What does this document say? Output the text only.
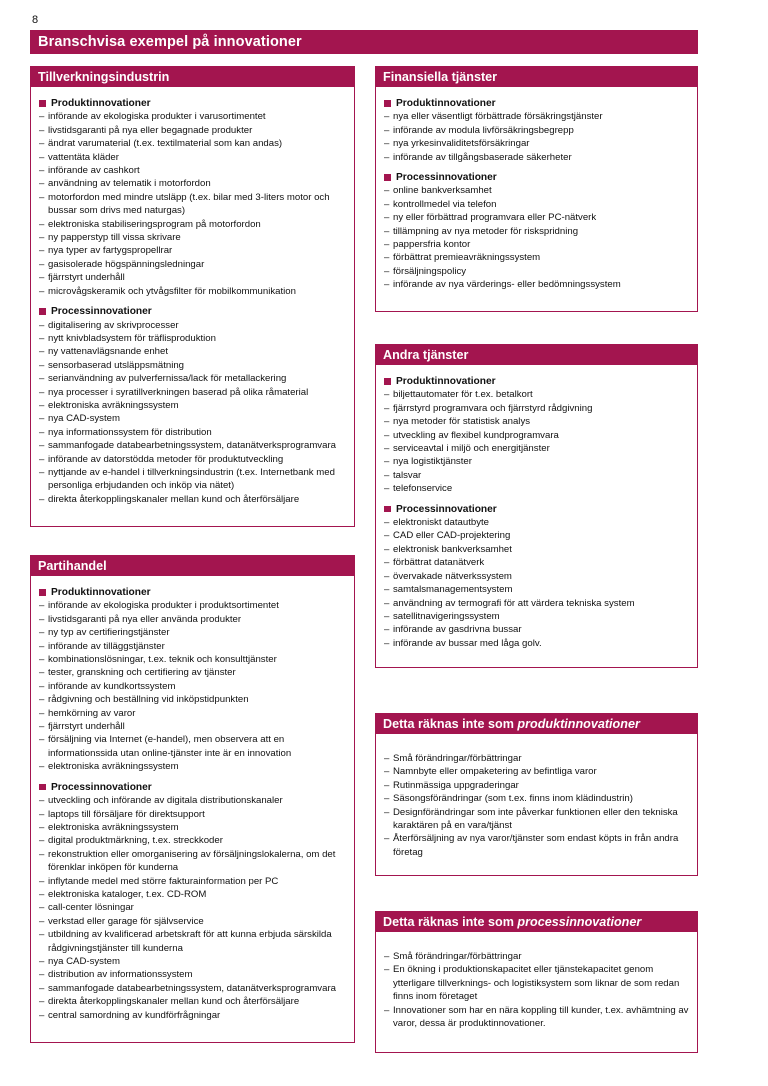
8
Branschvisa exempel på innovationer
Tillverkningsindustrin
Produktinnovationer
– införande av ekologiska produkter i varusortimentet
– livstidsgaranti på nya eller begagnade produkter
– ändrat varumaterial (t.ex. textilmaterial som kan andas)
– vattentäta kläder
– införande av cashkort
– användning av telematik i motorfordon
– motorfordon med mindre utsläpp (t.ex. bilar med 3-liters motor och bussar som drivs med naturgas)
– elektroniska stabiliseringsprogram på motorfordon
– ny papperstyp till vissa skrivare
– nya typer av fartygspropellrar
– gasisolerade högspänningsledningar
– fjärrstyrt underhåll
– microvågskeramik och ytvågsfilter för mobilkommunikation
Processinnovationer
– digitalisering av skrivprocesser
– nytt knivbladsystem för träflisproduktion
– ny vattenavlägsnande enhet
– sensorbaserad utsläppsmätning
– serianvändning av pulverfernissa/lack för metallackering
– nya processer i syratillverkningen baserad på olika råmaterial
– elektroniska avräkningssystem
– nya CAD-system
– nya informationssystem för distribution
– sammanfogade databearbetningssystem, datanätverksprogramvara
– införande av datorstödda metoder för produktutveckling
– nyttjande av e-handel i tillverkningsindustrin (t.ex. Internetbank med personliga erbjudanden och inköp via nätet)
– direkta återkopplingskanaler mellan kund och återförsäljare
Partihandel
Produktinnovationer
– införande av ekologiska produkter i produktsortimentet
– livstidsgaranti på nya eller använda produkter
– ny typ av certifieringstjänster
– införande av tilläggstjänster
– kombinationslösningar, t.ex. teknik och konsulttjänster
– tester, granskning och certifiering av tjänster
– införande av kundkortssystem
– rådgivning och beställning vid inköpstidpunkten
– hemkörning av varor
– fjärrstyrt underhåll
– försäljning via Internet (e-handel), men observera att en informationssida utan online-tjänster inte är en innovation
– elektroniska avräkningssystem
Processinnovationer
– utveckling och införande av digitala distributionskanaler
– laptops till försäljare för direktsupport
– elektroniska avräkningssystem
– digital produktmärkning, t.ex. streckkoder
– rekonstruktion eller omorganisering av försäljningslokalerna, om det förenklar inköpen för kunderna
– inflytande medel med större fakturainformation per PC
– elektroniska kataloger, t.ex. CD-ROM
– call-center lösningar
– verkstad eller garage för självservice
– utbildning av kvalificerad arbetskraft för att kunna erbjuda särskilda rådgivningstjänster till kunderna
– nya CAD-system
– distribution av informationssystem
– sammanfogade databearbetningssystem, datanätverksprogramvara
– direkta återkopplingskanaler mellan kund och återförsäljare
– central samordning av kundförfrågningar
Finansiella tjänster
Produktinnovationer
– nya eller väsentligt förbättrade försäkringstjänster
– införande av modula livförsäkringsbegrepp
– nya yrkesinvaliditetsförsäkringar
– införande av tillgångsbaserade säkerheter
Processinnovationer
– online bankverksamhet
– kontrollmedel via telefon
– ny eller förbättrad programvara eller PC-nätverk
– tillämpning av nya metoder för riskspridning
– pappersfria kontor
– förbättrat premieavräkningssystem
– försäljningspolicy
– införande av nya värderings- eller bedömningssystem
Andra tjänster
Produktinnovationer
– biljettautomater för t.ex. betalkort
– fjärrstyrd programvara och fjärrstyrd rådgivning
– nya metoder för statistisk analys
– utveckling av flexibel kundprogramvara
– serviceavtal i miljö och energitjänster
– nya logistiktjänster
– talsvar
– telefonservice
Processinnovationer
– elektroniskt datautbyte
– CAD eller CAD-projektering
– elektronisk bankverksamhet
– förbättrat datanätverk
– övervakade nätverkssystem
– samtalsmanagementsystem
– användning av termografi för att värdera tekniska system
– satellitnavigeringssystem
– införande av gasdrivna bussar
– införande av bussar med låga golv.
Detta räknas inte som produktinnovationer
– Små förändringar/förbättringar
– Namnbyte eller ompaketering av befintliga varor
– Rutinmässiga uppgraderingar
– Säsongsförändringar (som t.ex. finns inom klädindustrin)
– Designförändringar som inte påverkar funktionen eller den tekniska karaktären på en vara/tjänst
– Återförsäljning av nya varor/tjänster som endast köpts in från andra företag
Detta räknas inte som processinnovationer
– Små förändringar/förbättringar
– En ökning i produktionskapacitet eller tjänstekapacitet genom ytterligare tillverknings- och logistiksystem som liknar de som redan finns inom företaget
– Innovationer som har en nära koppling till kunder, t.ex. avhämtning av varor, dessa är produktinnovationer.
